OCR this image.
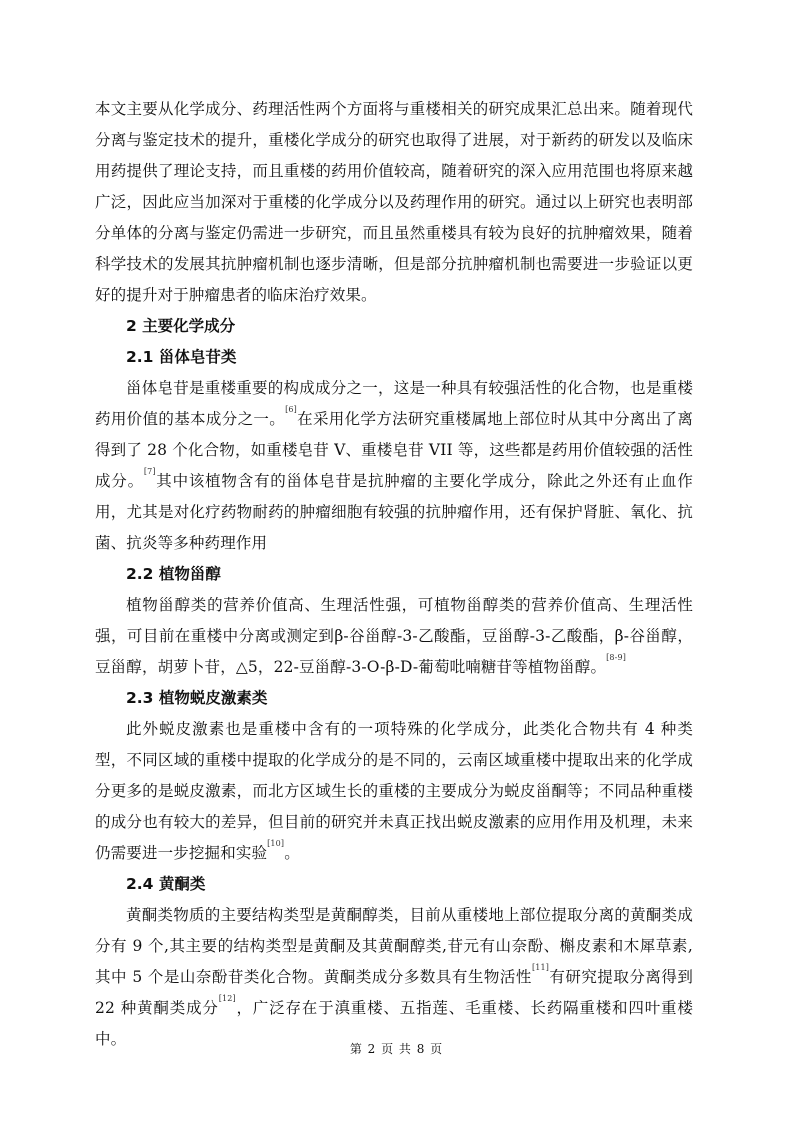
本文主要从化学成分、药理活性两个方面将与重楼相关的研究成果汇总出来。随着现代分离与鉴定技术的提升，重楼化学成分的研究也取得了进展，对于新药的研发以及临床用药提供了理论支持，而且重楼的药用价值较高，随着研究的深入应用范围也将原来越广泛，因此应当加深对于重楼的化学成分以及药理作用的研究。通过以上研究也表明部分单体的分离与鉴定仍需进一步研究，而且虽然重楼具有较为良好的抗肿瘤效果，随着科学技术的发展其抗肿瘤机制也逐步清晰，但是部分抗肿瘤机制也需要进一步验证以更好的提升对于肿瘤患者的临床治疗效果。

2 主要化学成分
2.1 甾体皂苷类

甾体皂苷是重楼重要的构成成分之一，这是一种具有较强活性的化合物，也是重楼药用价值的基本成分之一。[6]在采用化学方法研究重楼属地上部位时从其中分离出了离得到了 28 个化合物，如重楼皂苷 V、重楼皂苷 VII 等，这些都是药用价值较强的活性成分。[7]其中该植物含有的甾体皂苷是抗肿瘤的主要化学成分，除此之外还有止血作用，尤其是对化疗药物耐药的肿瘤细胞有较强的抗肿瘤作用，还有保护肾脏、氧化、抗菌、抗炎等多种药理作用

2.2 植物甾醇

植物甾醇类的营养价值高、生理活性强，可植物甾醇类的营养价值高、生理活性强，可目前在重楼中分离或测定到β-谷甾醇-3-乙酸酯，豆甾醇-3-乙酸酯，β-谷甾醇，豆甾醇，胡萝卜苷，△5，22-豆甾醇-3-O-β-D-葡萄吡喃糖苷等植物甾醇。[8-9]

2.3 植物蜕皮激素类

此外蜕皮激素也是重楼中含有的一项特殊的化学成分，此类化合物共有 4 种类型，不同区域的重楼中提取的化学成分的是不同的，云南区域重楼中提取出来的化学成分更多的是蜕皮激素，而北方区域生长的重楼的主要成分为蜕皮甾酮等；不同品种重楼的成分也有较大的差异，但目前的研究并未真正找出蜕皮激素的应用作用及机理，未来仍需要进一步挖掘和实验[10]。

2.4 黄酮类

黄酮类物质的主要结构类型是黄酮醇类，目前从重楼地上部位提取分离的黄酮类成分有 9 个,其主要的结构类型是黄酮及其黄酮醇类,苷元有山奈酚、槲皮素和木犀草素,其中 5 个是山奈酚苷类化合物。黄酮类成分多数具有生物活性[11]有研究提取分离得到 22 种黄酮类成分[12]，广泛存在于滇重楼、五指莲、毛重楼、长药隔重楼和四叶重楼中。

第 2 页 共 8 页
